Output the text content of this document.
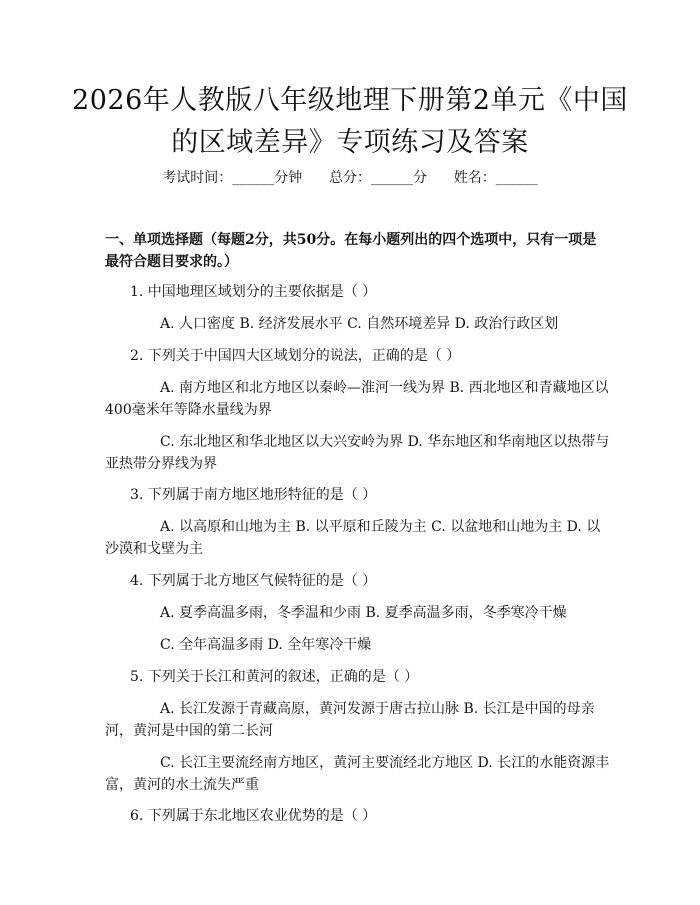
2026年人教版八年级地理下册第2单元《中国的区域差异》专项练习及答案
考试时间：______分钟 总分：______分 姓名：______
一、单项选择题（每题2分，共50分。在每小题列出的四个选项中，只有一项是最符合题目要求的。）
1. 中国地理区域划分的主要依据是（ ）
A. 人口密度 B. 经济发展水平 C. 自然环境差异 D. 政治行政区划
2. 下列关于中国四大区域划分的说法，正确的是（ ）
A. 南方地区和北方地区以秦岭—淮河一线为界 B. 西北地区和青藏地区以400毫米年等降水量线为界
C. 东北地区和华北地区以大兴安岭为界 D. 华东地区和华南地区以热带与亚热带分界线为界
3. 下列属于南方地区地形特征的是（ ）
A. 以高原和山地为主 B. 以平原和丘陵为主 C. 以盆地和山地为主 D. 以沙漠和戈壁为主
4. 下列属于北方地区气候特征的是（ ）
A. 夏季高温多雨，冬季温和少雨 B. 夏季高温多雨，冬季寒冷干燥
C. 全年高温多雨 D. 全年寒冷干燥
5. 下列关于长江和黄河的叙述，正确的是（ ）
A. 长江发源于青藏高原，黄河发源于唐古拉山脉 B. 长江是中国的母亲河，黄河是中国的第二长河
C. 长江主要流经南方地区，黄河主要流经北方地区 D. 长江的水能资源丰富，黄河的水土流失严重
6. 下列属于东北地区农业优势的是（ ）
